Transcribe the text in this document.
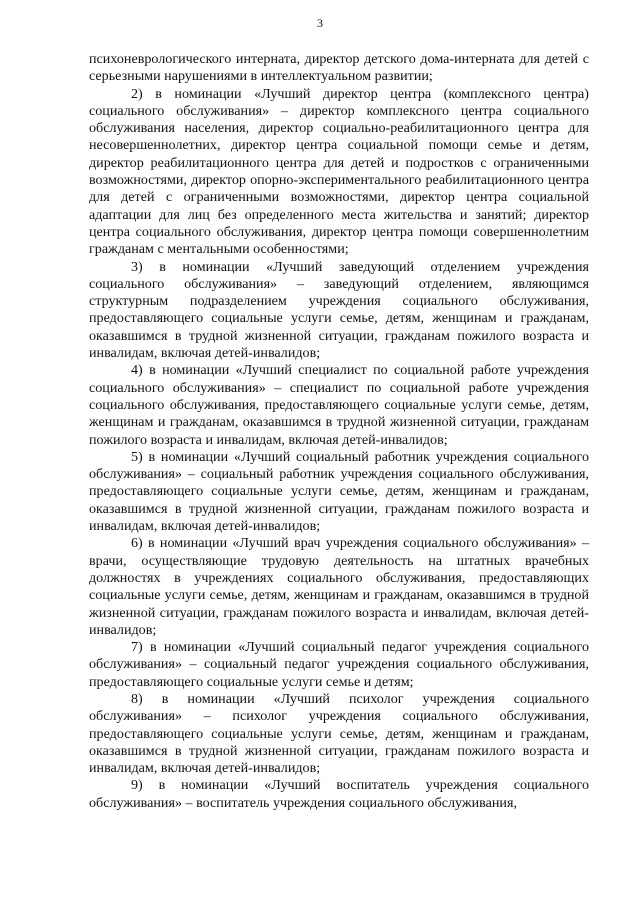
3

психоневрологического интерната, директор детского дома-интерната для детей с серьезными нарушениями в интеллектуальном развитии;

2) в номинации «Лучший директор центра (комплексного центра) социального обслуживания» – директор комплексного центра социального обслуживания населения, директор социально-реабилитационного центра для несовершеннолетних, директор центра социальной помощи семье и детям, директор реабилитационного центра для детей и подростков с ограниченными возможностями, директор опорно-экспериментального реабилитационного центра для детей с ограниченными возможностями, директор центра социальной адаптации для лиц без определенного места жительства и занятий; директор центра социального обслуживания, директор центра помощи совершеннолетним гражданам с ментальными особенностями;

3) в номинации «Лучший заведующий отделением учреждения социального обслуживания» – заведующий отделением, являющимся структурным подразделением учреждения социального обслуживания, предоставляющего социальные услуги семье, детям, женщинам и гражданам, оказавшимся в трудной жизненной ситуации, гражданам пожилого возраста и инвалидам, включая детей-инвалидов;

4) в номинации «Лучший специалист по социальной работе учреждения социального обслуживания» – специалист по социальной работе учреждения социального обслуживания, предоставляющего социальные услуги семье, детям, женщинам и гражданам, оказавшимся в трудной жизненной ситуации, гражданам пожилого возраста и инвалидам, включая детей-инвалидов;

5) в номинации «Лучший социальный работник учреждения социального обслуживания» – социальный работник учреждения социального обслуживания, предоставляющего социальные услуги семье, детям, женщинам и гражданам, оказавшимся в трудной жизненной ситуации, гражданам пожилого возраста и инвалидам, включая детей-инвалидов;

6) в номинации «Лучший врач учреждения социального обслуживания» – врачи, осуществляющие трудовую деятельность на штатных врачебных должностях в учреждениях социального обслуживания, предоставляющих социальные услуги семье, детям, женщинам и гражданам, оказавшимся в трудной жизненной ситуации, гражданам пожилого возраста и инвалидам, включая детей-инвалидов;

7) в номинации «Лучший социальный педагог учреждения социального обслуживания» – социальный педагог учреждения социального обслуживания, предоставляющего социальные услуги семье и детям;

8) в номинации «Лучший психолог учреждения социального обслуживания» – психолог учреждения социального обслуживания, предоставляющего социальные услуги семье, детям, женщинам и гражданам, оказавшимся в трудной жизненной ситуации, гражданам пожилого возраста и инвалидам, включая детей-инвалидов;

9) в номинации «Лучший воспитатель учреждения социального обслуживания» – воспитатель учреждения социального обслуживания,
